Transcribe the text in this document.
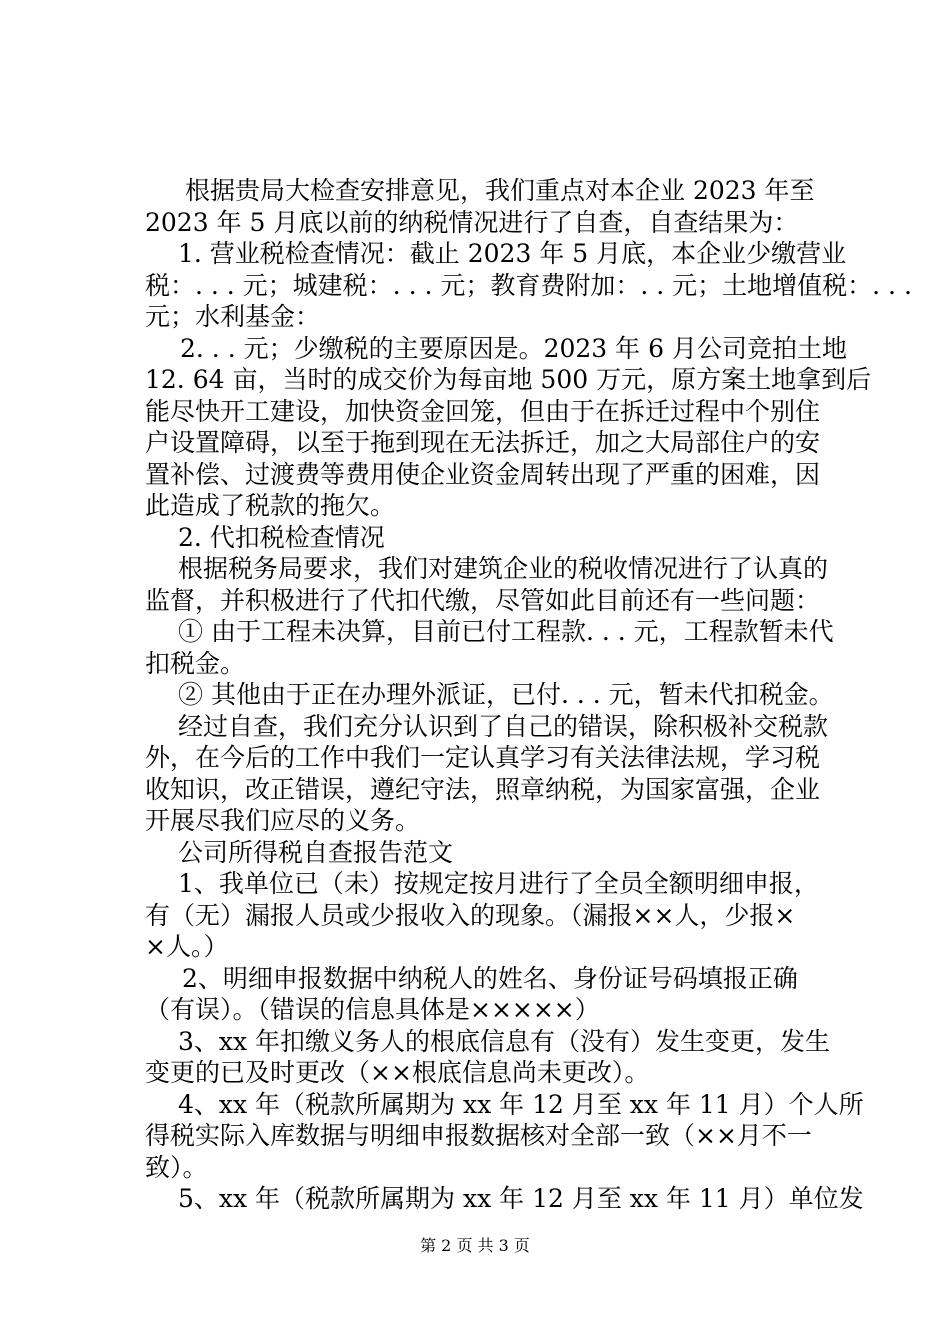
根据贵局大检查安排意见，我们重点对本企业 2023 年至
2023 年 5 月底以前的纳税情况进行了自查，自查结果为：
1. 营业税检查情况：截止 2023 年 5 月底，本企业少缴营业
税：. . . 元；城建税：. . . 元；教育费附加：. . 元；土地增值税：. . .
元；水利基金：
2. . . 元；少缴税的主要原因是。2023 年 6 月公司竞拍土地
12. 64 亩，当时的成交价为每亩地 500 万元，原方案土地拿到后
能尽快开工建设，加快资金回笼，但由于在拆迁过程中个别住
户设置障碍，以至于拖到现在无法拆迁，加之大局部住户的安
置补偿、过渡费等费用使企业资金周转出现了严重的困难，因
此造成了税款的拖欠。
2. 代扣税检查情况
根据税务局要求，我们对建筑企业的税收情况进行了认真的
监督，并积极进行了代扣代缴，尽管如此目前还有一些问题：
① 由于工程未决算，目前已付工程款. . . 元，工程款暂未代
扣税金。
② 其他由于正在办理外派证，已付. . . 元，暂未代扣税金。
经过自查，我们充分认识到了自己的错误，除积极补交税款
外，在今后的工作中我们一定认真学习有关法律法规，学习税
收知识，改正错误，遵纪守法，照章纳税，为国家富强，企业
开展尽我们应尽的义务。
公司所得税自查报告范文
1、我单位已（未）按规定按月进行了全员全额明细申报，
有（无）漏报人员或少报收入的现象。（漏报××人，少报×
×人。）
2、明细申报数据中纳税人的姓名、身份证号码填报正确
（有误）。（错误的信息具体是×××××）
3、xx 年扣缴义务人的根底信息有（没有）发生变更，发生
变更的已及时更改（××根底信息尚未更改）。
4、xx 年（税款所属期为 xx 年 12 月至 xx 年 11 月）个人所
得税实际入库数据与明细申报数据核对全部一致（××月不一
致）。
5、xx 年（税款所属期为 xx 年 12 月至 xx 年 11 月）单位发
第 2 页 共 3 页
